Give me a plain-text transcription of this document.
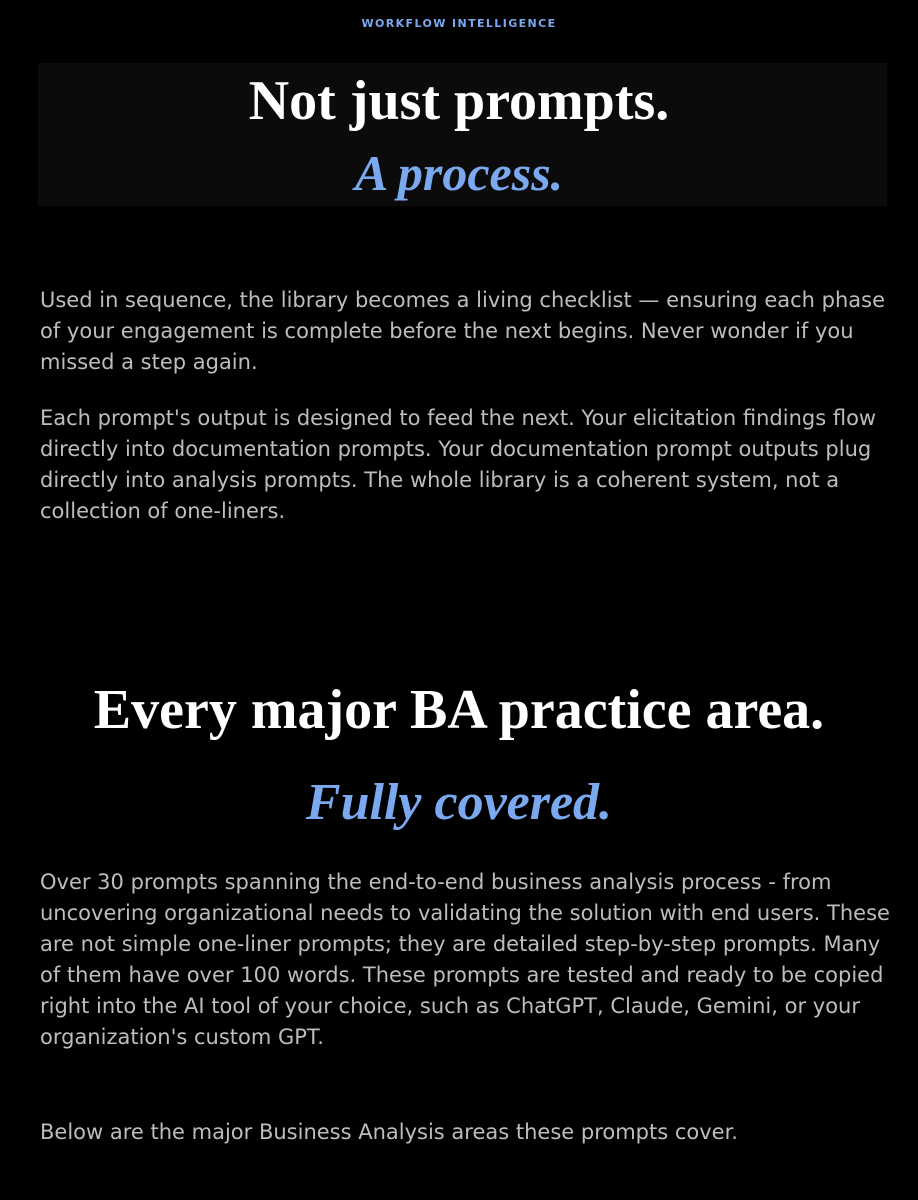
WORKFLOW INTELLIGENCE
Not just prompts.
A process.

Used in sequence, the library becomes a living checklist — ensuring each phase of your engagement is complete before the next begins. Never wonder if you missed a step again.

Each prompt's output is designed to feed the next. Your elicitation findings flow directly into documentation prompts. Your documentation prompt outputs plug directly into analysis prompts. The whole library is a coherent system, not a collection of one-liners.

Every major BA practice area.
Fully covered.

Over 30 prompts spanning the end-to-end business analysis process - from uncovering organizational needs to validating the solution with end users. These are not simple one-liner prompts; they are detailed step-by-step prompts. Many of them have over 100 words. These prompts are tested and ready to be copied right into the AI tool of your choice, such as ChatGPT, Claude, Gemini, or your organization's custom GPT.

Below are the major Business Analysis areas these prompts cover.
